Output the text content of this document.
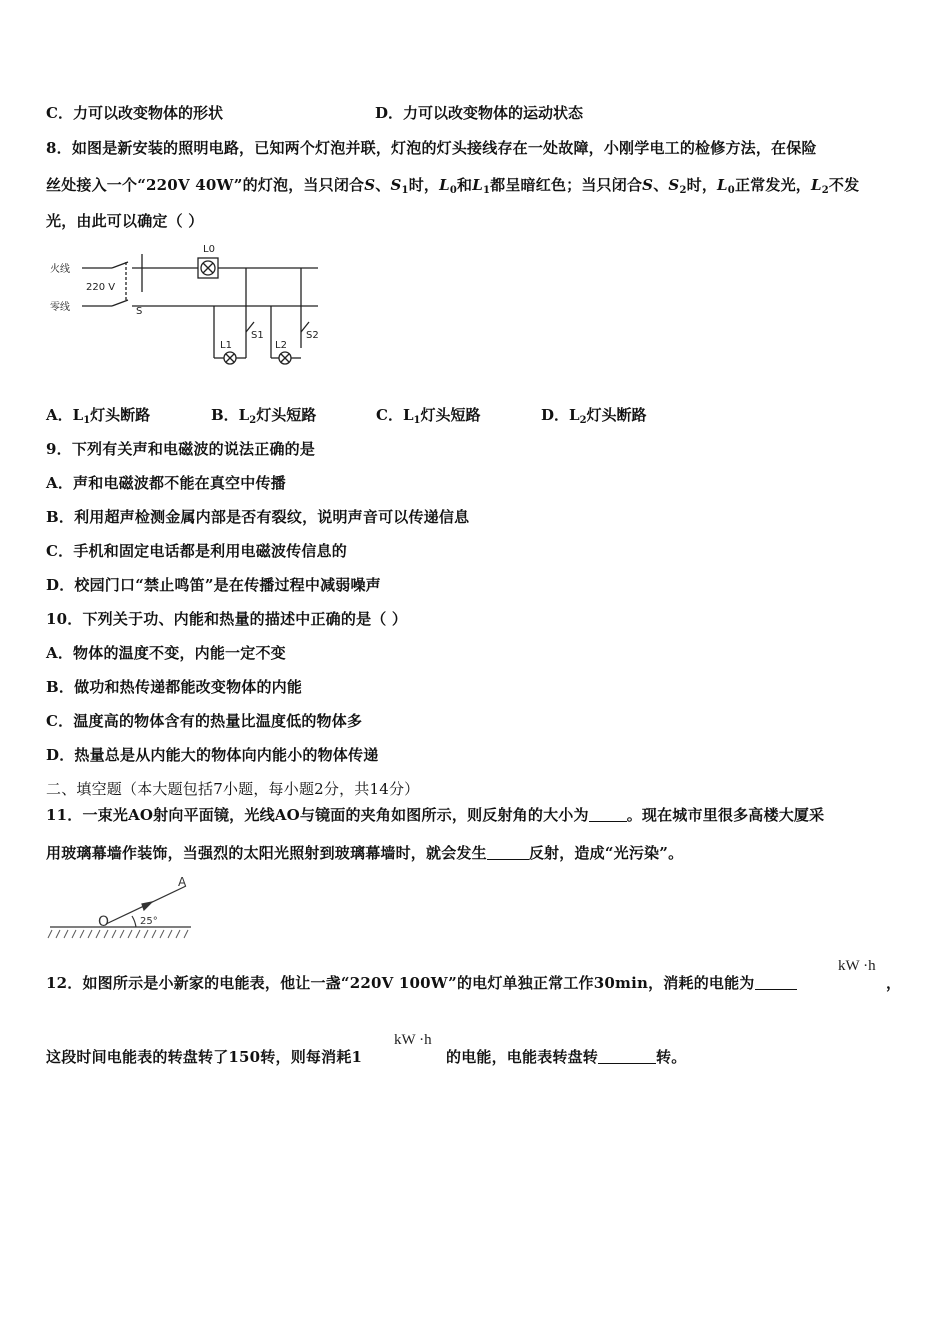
C．力可以改变物体的形状	D．力可以改变物体的运动状态
8．如图是新安装的照明电路，已知两个灯泡并联，灯泡的灯头接线存在一处故障，小刚学电工的检修方法，在保险
丝处接入一个“220V 40W”的灯泡，当只闭合S、$S_1$时，$L_0$和$L_1$都呈暗红色；当只闭合S、$S_2$时，$L_0$正常发光，$L_2$不发
光，由此可以确定（ ）
火线
零线
220 V
S
L0
L1
S1
L2
S2
A．$L_1$灯头断路	B．$L_2$灯头短路	C．$L_1$灯头短路	D．$L_2$灯头断路
9．下列有关声和电磁波的说法正确的是
A．声和电磁波都不能在真空中传播
B．利用超声检测金属内部是否有裂纹，说明声音可以传递信息
C．手机和固定电话都是利用电磁波传信息的
D．校园门口“禁止鸣笛”是在传播过程中减弱噪声
10．下列关于功、内能和热量的描述中正确的是（ ）
A．物体的温度不变，内能一定不变
B．做功和热传递都能改变物体的内能
C．温度高的物体含有的热量比温度低的物体多
D．热量总是从内能大的物体向内能小的物体传递
二、填空题（本大题包括7小题，每小题2分，共14分）
11．一束光AO射向平面镜，光线AO与镜面的夹角如图所示，则反射角的大小为	。现在城市里很多高楼大厦采
用玻璃幕墙作装饰，当强烈的太阳光照射到玻璃幕墙时，就会发生	反射，造成“光污染”。
A
O	25°
12．如图所示是小新家的电能表，他让一盏“220V 100W”的电灯单独正常工作30min，消耗的电能为
kW ·h
，
这段时间电能表的转盘转了150转，则每消耗1
kW ·h
的电能，电能表转盘转	转。
